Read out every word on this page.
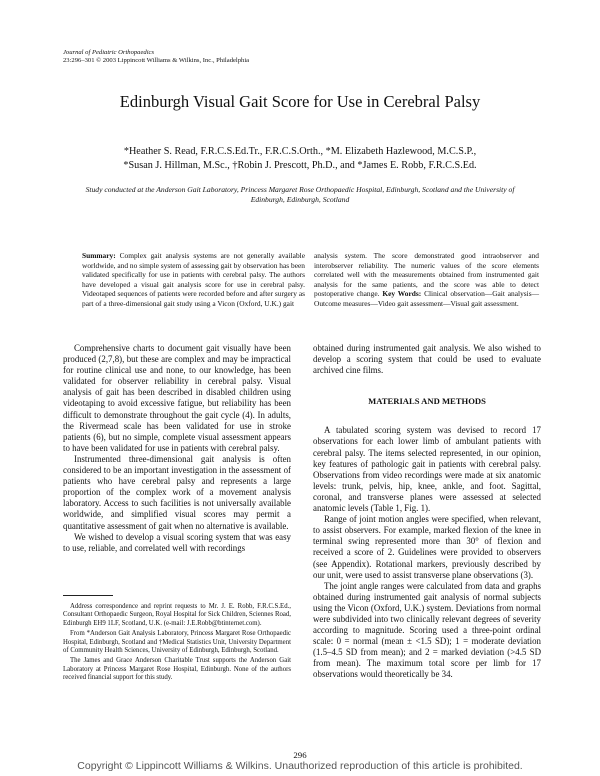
Journal of Pediatric Orthopaedics
23:296–301 © 2003 Lippincott Williams & Wilkins, Inc., Philadelphia
Edinburgh Visual Gait Score for Use in Cerebral Palsy
*Heather S. Read, F.R.C.S.Ed.Tr., F.R.C.S.Orth., *M. Elizabeth Hazlewood, M.C.S.P.,
*Susan J. Hillman, M.Sc., †Robin J. Prescott, Ph.D., and *James E. Robb, F.R.C.S.Ed.
Study conducted at the Anderson Gait Laboratory, Princess Margaret Rose Orthopaedic Hospital, Edinburgh, Scotland and the University of Edinburgh, Edinburgh, Scotland
Summary: Complex gait analysis systems are not generally available worldwide, and no simple system of assessing gait by observation has been validated specifically for use in patients with cerebral palsy. The authors have developed a visual gait analysis score for use in cerebral palsy. Videotaped sequences of patients were recorded before and after surgery as part of a three-dimensional gait study using a Vicon (Oxford, U.K.) gait
analysis system. The score demonstrated good intraobserver and interobserver reliability. The numeric values of the score elements correlated well with the measurements obtained from instrumented gait analysis for the same patients, and the score was able to detect postoperative change. Key Words: Clinical observation—Gait analysis—Outcome measures—Video gait assessment—Visual gait assessment.

Comprehensive charts to document gait visually have been produced (2,7,8), but these are complex and may be impractical for routine clinical use and none, to our knowledge, has been validated for observer reliability in cerebral palsy. Visual analysis of gait has been described in disabled children using videotaping to avoid excessive fatigue, but reliability has been difficult to demonstrate throughout the gait cycle (4). In adults, the Rivermead scale has been validated for use in stroke patients (6), but no simple, complete visual assessment appears to have been validated for use in patients with cerebral palsy.

Instrumented three-dimensional gait analysis is often considered to be an important investigation in the assessment of patients who have cerebral palsy and represents a large proportion of the complex work of a movement analysis laboratory. Access to such facilities is not universally available worldwide, and simplified visual scores may permit a quantitative assessment of gait when no alternative is available.

We wished to develop a visual scoring system that was easy to use, reliable, and correlated well with recordings

Address correspondence and reprint requests to Mr. J. E. Robb, F.R.C.S.Ed., Consultant Orthopaedic Surgeon, Royal Hospital for Sick Children, Sciennes Road, Edinburgh EH9 1LF, Scotland, U.K. (e-mail: J.E.Robb@btinternet.com).

From *Anderson Gait Analysis Laboratory, Princess Margaret Rose Orthopaedic Hospital, Edinburgh, Scotland and †Medical Statistics Unit, University Department of Community Health Sciences, University of Edinburgh, Edinburgh, Scotland.

The James and Grace Anderson Charitable Trust supports the Anderson Gait Laboratory at Princess Margaret Rose Hospital, Edinburgh. None of the authors received financial support for this study.

obtained during instrumented gait analysis. We also wished to develop a scoring system that could be used to evaluate archived cine films.

MATERIALS AND METHODS

A tabulated scoring system was devised to record 17 observations for each lower limb of ambulant patients with cerebral palsy. The items selected represented, in our opinion, key features of pathologic gait in patients with cerebral palsy. Observations from video recordings were made at six anatomic levels: trunk, pelvis, hip, knee, ankle, and foot. Sagittal, coronal, and transverse planes were assessed at selected anatomic levels (Table 1, Fig. 1).

Range of joint motion angles were specified, when relevant, to assist observers. For example, marked flexion of the knee in terminal swing represented more than 30° of flexion and received a score of 2. Guidelines were provided to observers (see Appendix). Rotational markers, previously described by our unit, were used to assist transverse plane observations (3).

The joint angle ranges were calculated from data and graphs obtained during instrumented gait analysis of normal subjects using the Vicon (Oxford, U.K.) system. Deviations from normal were subdivided into two clinically relevant degrees of severity according to magnitude. Scoring used a three-point ordinal scale: 0 = normal (mean ± <1.5 SD); 1 = moderate deviation (1.5–4.5 SD from mean); and 2 = marked deviation (>4.5 SD from mean). The maximum total score per limb for 17 observations would theoretically be 34.

296
Copyright © Lippincott Williams & Wilkins. Unauthorized reproduction of this article is prohibited.
